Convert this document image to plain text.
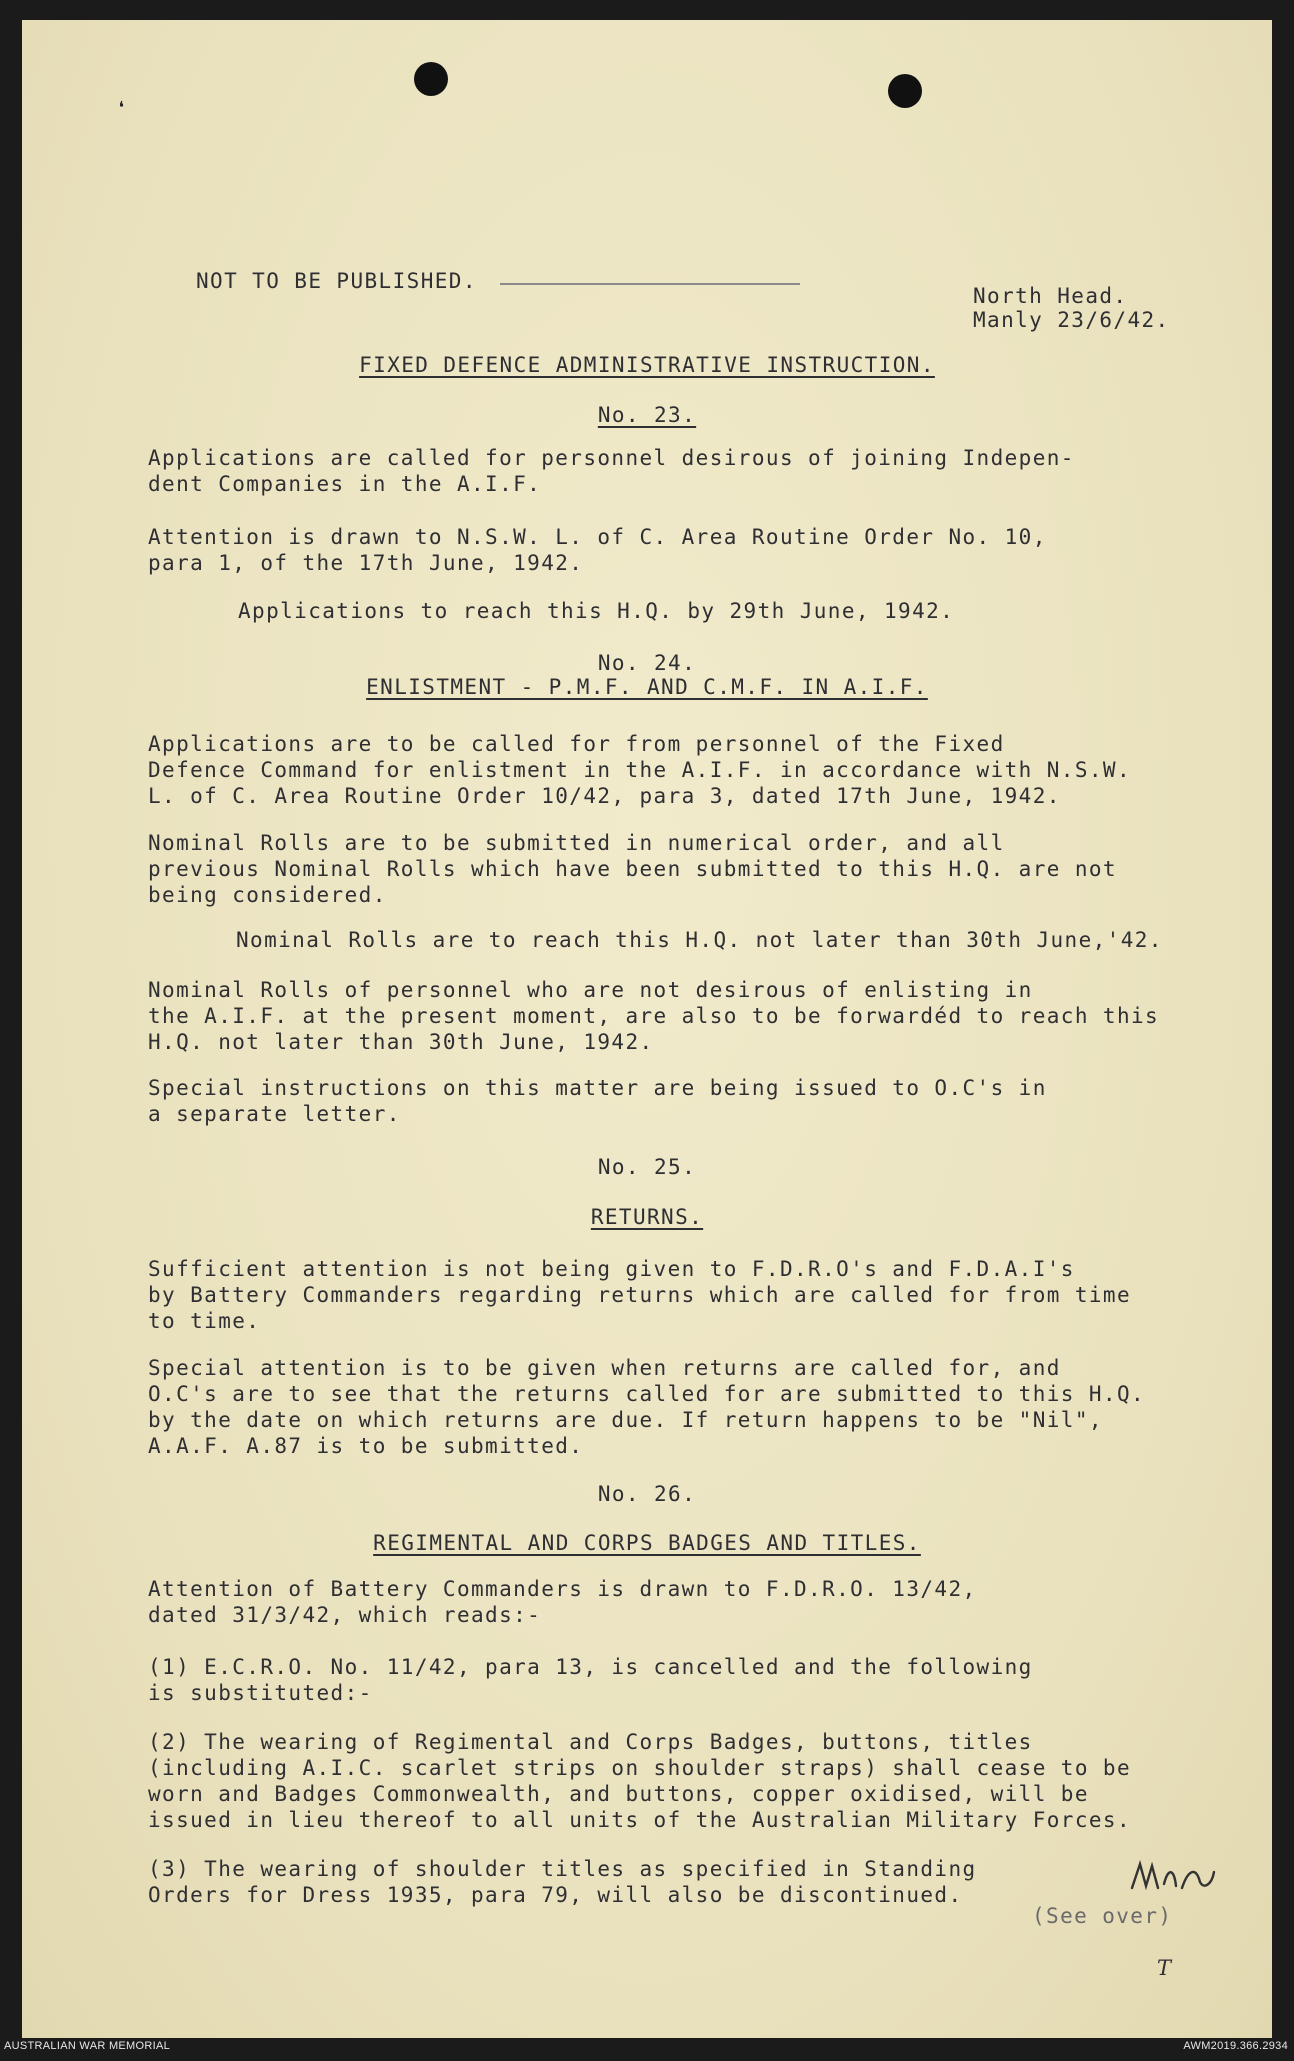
❛
NOT TO BE PUBLISHED.
North Head.
Manly 23/6/42.
FIXED DEFENCE ADMINISTRATIVE INSTRUCTION.
No. 23.
Applications are called for personnel desirous of joining Indepen-
dent Companies in the A.I.F.
Attention is drawn to N.S.W. L. of C. Area Routine Order No. 10,
para 1, of the 17th June, 1942.
Applications to reach this H.Q. by 29th June, 1942.
No. 24.
ENLISTMENT - P.M.F. AND C.M.F. IN A.I.F.
Applications are to be called for from personnel of the Fixed
Defence Command for enlistment in the A.I.F. in accordance with N.S.W.
L. of C. Area Routine Order 10/42, para 3, dated 17th June, 1942.
Nominal Rolls are to be submitted in numerical order, and all
previous Nominal Rolls which have been submitted to this H.Q. are not
being considered.
Nominal Rolls are to reach this H.Q. not later than 30th June,'42.
Nominal Rolls of personnel who are not desirous of enlisting in
the A.I.F. at the present moment, are also to be forwardéd to reach this
H.Q. not later than 30th June, 1942.
Special instructions on this matter are being issued to O.C's in
a separate letter.
No. 25.
RETURNS.
Sufficient attention is not being given to F.D.R.O's and F.D.A.I's
by Battery Commanders regarding returns which are called for from time
to time.
Special attention is to be given when returns are called for, and
O.C's are to see that the returns called for are submitted to this H.Q.
by the date on which returns are due. If return happens to be "Nil",
A.A.F. A.87 is to be submitted.
No. 26.
REGIMENTAL AND CORPS BADGES AND TITLES.
Attention of Battery Commanders is drawn to F.D.R.O. 13/42,
dated 31/3/42, which reads:-
(1) E.C.R.O. No. 11/42, para 13, is cancelled and the following
is substituted:-
(2) The wearing of Regimental and Corps Badges, buttons, titles
(including A.I.C. scarlet strips on shoulder straps) shall cease to be
worn and Badges Commonwealth, and buttons, copper oxidised, will be
issued in lieu thereof to all units of the Australian Military Forces.
(3) The wearing of shoulder titles as specified in Standing
Orders for Dress 1935, para 79, will also be discontinued.
(See over)
T
AUSTRALIAN WAR MEMORIAL	AWM2019.366.2934
